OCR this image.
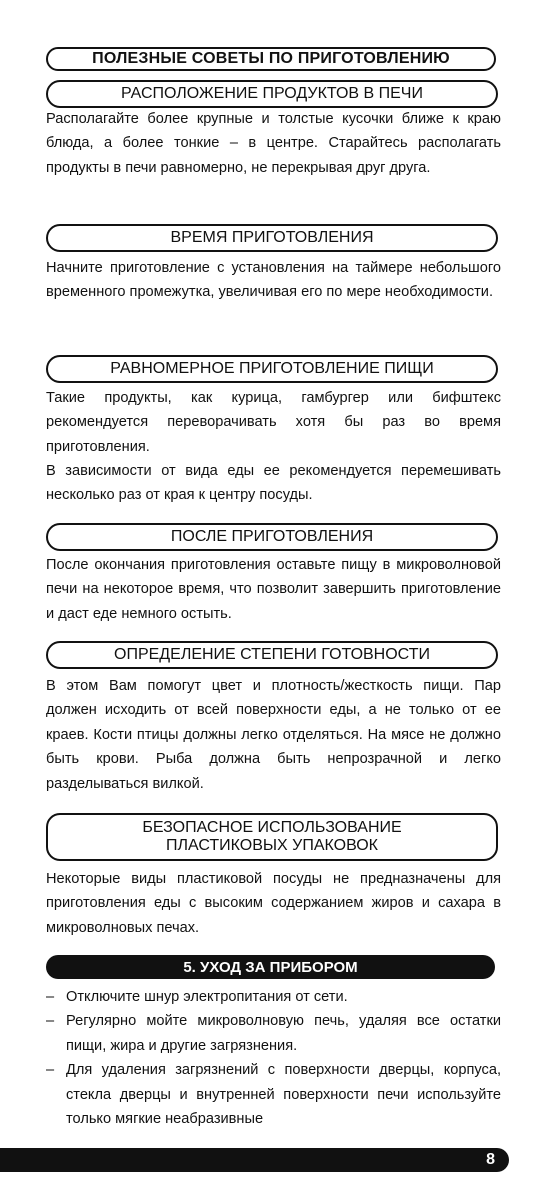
ПОЛЕЗНЫЕ СОВЕТЫ ПО ПРИГОТОВЛЕНИЮ
РАСПОЛОЖЕНИЕ ПРОДУКТОВ В ПЕЧИ

Располагайте более крупные и толстые кусочки ближе к краю блюда, а более тонкие – в центре. Старайтесь располагать продукты в печи равномерно, не перекрывая друг друга.

ВРЕМЯ ПРИГОТОВЛЕНИЯ

Начните приготовление с установления на таймере небольшого временного промежутка, увеличивая его по мере необходимости.

РАВНОМЕРНОЕ ПРИГОТОВЛЕНИЕ ПИЩИ

Такие продукты, как курица, гамбургер или бифштекс рекомендуется переворачивать хотя бы раз во время приготовления.

В зависимости от вида еды ее рекомендуется перемешивать несколько раз от края к центру посуды.

ПОСЛЕ ПРИГОТОВЛЕНИЯ

После окончания приготовления оставьте пищу в микроволновой печи на некоторое время, что позволит завершить приготовление и даст еде немного остыть.

ОПРЕДЕЛЕНИЕ СТЕПЕНИ ГОТОВНОСТИ

В этом Вам помогут цвет и плотность/жесткость пищи. Пар должен исходить от всей поверхности еды, а не только от ее краев. Кости птицы должны легко отделяться. На мясе не должно быть крови. Рыба должна быть непрозрачной и легко разделываться вилкой.

БЕЗОПАСНОЕ ИСПОЛЬЗОВАНИЕ
ПЛАСТИКОВЫХ УПАКОВОК

Некоторые виды пластиковой посуды не предназначены для приготовления еды с высоким содержанием жиров и сахара в микроволновых печах.

5. УХОД ЗА ПРИБОРОМ
– Отключите шнур электропитания от сети.
– Регулярно мойте микроволновую печь, удаляя все остатки пищи, жира и другие загрязнения.
– Для удаления загрязнений с поверхности дверцы, корпуса, стекла дверцы и внутренней поверхности печи используйте только мягкие неабразивные
8
